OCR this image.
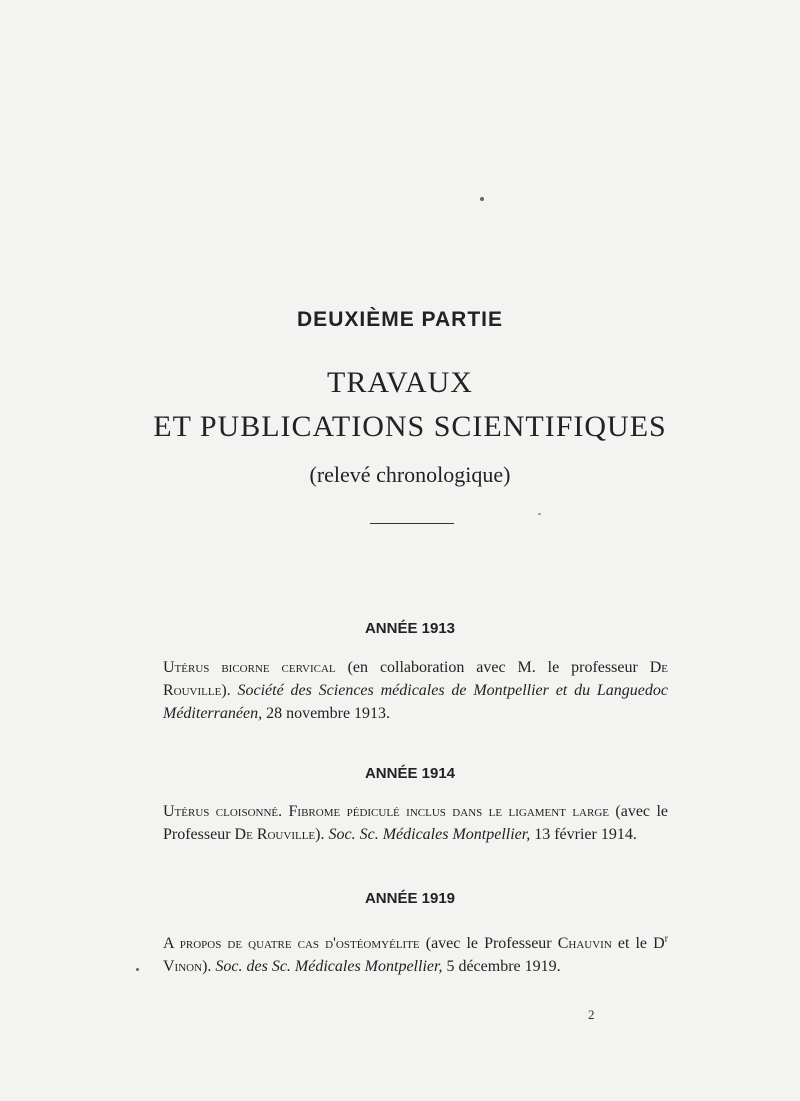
DEUXIÈME PARTIE
TRAVAUX
ET PUBLICATIONS SCIENTIFIQUES
(relevé chronologique)
ANNÉE 1913

Utérus bicorne cervical (en collaboration avec M. le professeur De Rouville). Société des Sciences médicales de Montpellier et du Languedoc Méditerranéen, 28 novembre 1913.

ANNÉE 1914

Utérus cloisonné. Fibrome pédiculé inclus dans le ligament large (avec le Professeur De Rouville). Soc. Sc. Médicales Montpellier, 13 février 1914.

ANNÉE 1919

A propos de quatre cas d'ostéomyélite (avec le Professeur Chauvin et le $D^r$ Vinon). Soc. des Sc. Médicales Montpellier, 5 décembre 1919.

2
